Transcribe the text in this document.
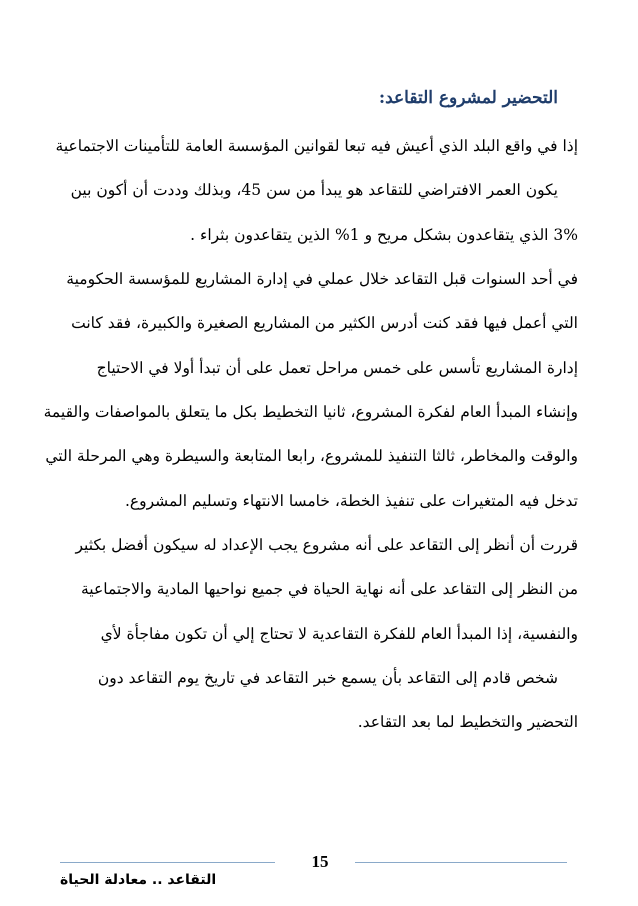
التحضير لمشروع التقاعد:
إذا في واقع البلد الذي أعيش فيه تبعا لقوانين المؤسسة العامة للتأمينات الاجتماعية
يكون العمر الافتراضي للتقاعد هو يبدأ من سن 45، وبذلك وددت أن أكون بين
3% الذي يتقاعدون بشكل مريح و 1% الذين يتقاعدون بثراء .
في أحد السنوات قبل التقاعد خلال عملي في إدارة المشاريع للمؤسسة الحكومية
التي أعمل فيها فقد كنت أدرس الكثير من المشاريع الصغيرة والكبيرة، فقد كانت
إدارة المشاريع تأسس على خمس مراحل تعمل على أن تبدأ أولا في الاحتياج
وإنشاء المبدأ العام لفكرة المشروع، ثانيا التخطيط بكل ما يتعلق بالمواصفات والقيمة
والوقت والمخاطر، ثالثا التنفيذ للمشروع، رابعا المتابعة والسيطرة وهي المرحلة التي
تدخل فيه المتغيرات على تنفيذ الخطة، خامسا الانتهاء وتسليم المشروع.
قررت أن أنظر إلى التقاعد على أنه مشروع يجب الإعداد له سيكون أفضل بكثير
من النظر إلى التقاعد على أنه نهاية الحياة في جميع نواحيها المادية والاجتماعية
والنفسية، إذا المبدأ العام للفكرة التقاعدية لا تحتاج إلي أن تكون مفاجأة لأي
شخص قادم إلى التقاعد بأن يسمع خبر التقاعد في تاريخ يوم التقاعد دون
التحضير والتخطيط لما بعد التقاعد.
15
التقاعد .. معادلة الحياة
